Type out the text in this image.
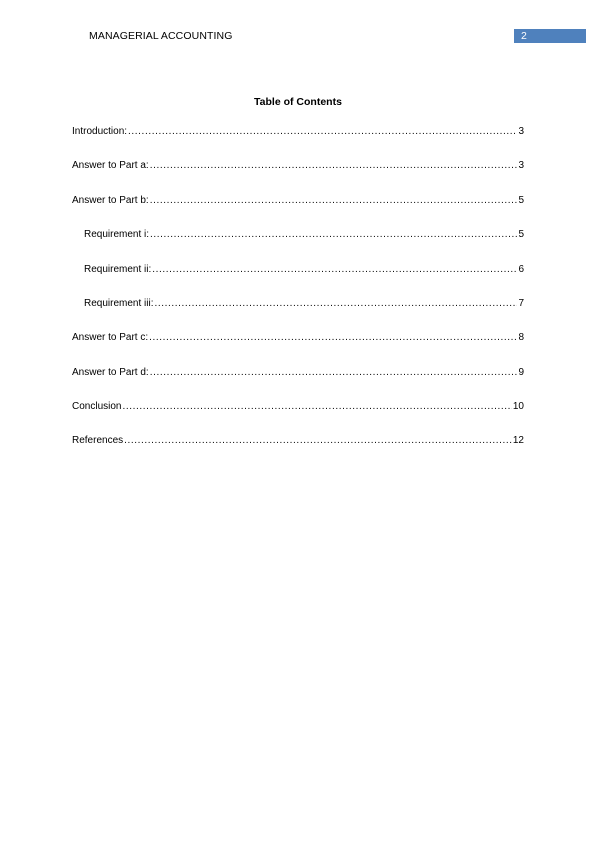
MANAGERIAL ACCOUNTING	2
Table of Contents
Introduction: .....	3
Answer to Part a: .....	3
Answer to Part b: .....	5
Requirement i: .....	5
Requirement ii: .....	6
Requirement iii: .....	7
Answer to Part c: .....	8
Answer to Part d: .....	9
Conclusion .....	10
References .....	12
